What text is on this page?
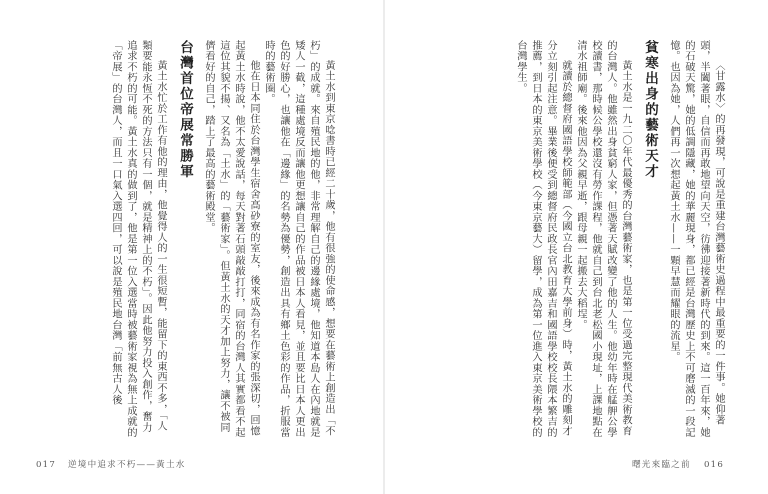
黃土水到東京唸書時已經二十歲，他有很強的使命感，想要在藝術上創造出「不朽」的成就。來自殖民地的他，非常理解自己的邊緣處境，他知道本島人在內地就是矮人一截，這種處境反而讓他更想讓自己的作品被日本人看見，並且要比日本人更出色的好勝心，也讓他在「邊緣」的名勢為優勢，創造出具有鄉土色彩的作品，折服當時的藝術圈。

他在日本同住於台灣學生宿舍高砂寮的室友，後來成為有名作家的張深切，回憶起黃土水時說，他不太愛說話，每天對著石頭敲敲打打，同宿的台灣人其實都看不起這位其貌不揚、又名為「土水」的「藝術家」。但黃土水的天才加上努力，讓不被同儕看好的自己，踏上了最高的藝術殿堂。

台灣首位帝展常勝軍

黃土水忙於工作有他的理由，他覺得人的一生很短暫，能留下的東西不多，「人類要能永恆不死的方法只有一個，就是精神上的不朽」。因此他努力投入創作，奮力追求不朽的可能。黃土水真的做到了，他是第一位入選當時被藝術家視為無上成就的「帝展」的台灣人，而且一口氣入選四回，可以說是殖民地台灣「前無古人後

017 逆境中追求不朽——黃土水

〈甘露水〉的再發現，可說是重建台灣藝術史過程中最重要的一件事。她仰著頭，半闔著眼，自信而再敢地望向天空，彷彿迎接著新時代的到來。這一百年來，她的石破天驚，她的低調隱藏，她的華麗現身，都已經是台灣歷史上不可磨滅的一段記憶。也因為她，人們再一次想起黃土水——一顆早慧而耀眼的流星。

貧寒出身的藝術天才

黃土水是一九二〇年代最優秀的台灣藝術家，也是第一位受過完整現代美術教育的台灣人。他雖然出身貧窮人家，但憑著天賦改變了他的人生。他幼年時在艋舺公學校讀書，那時候公學校還沒有勞作課程，他就自己到台北老松國小現址，上課地點在清水祖師廟。後來他因為父親早逝，跟母親一起搬去大稻埕。

就讀於總督府國語學校師範部（今國立台北教育大學前身）時，黃土水的雕刻才分立刻引起注意。畢業後便受到總督府民政長官內田嘉吉和國語學校校長隈本繁吉的推薦，到日本的東京美術學校（今東京藝大）留學，成為第一位進入東京美術學校的台灣學生。

曙光來臨之前 016
